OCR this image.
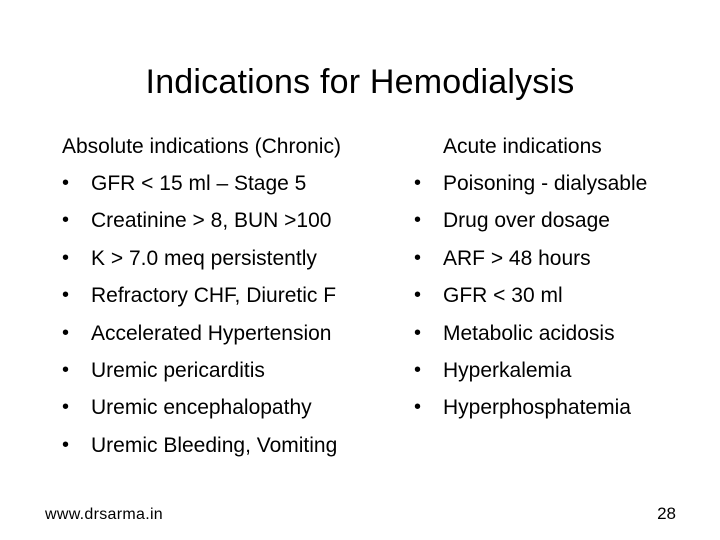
Indications for Hemodialysis
Absolute indications (Chronic)
• GFR < 15 ml – Stage 5
• Creatinine > 8, BUN >100
• K > 7.0 meq persistently
• Refractory CHF, Diuretic F
• Accelerated Hypertension
• Uremic pericarditis
• Uremic encephalopathy
• Uremic Bleeding, Vomiting
Acute indications
• Poisoning - dialysable
• Drug over dosage
• ARF > 48 hours
• GFR < 30 ml
• Metabolic acidosis
• Hyperkalemia
• Hyperphosphatemia
www.drsarma.in	28
